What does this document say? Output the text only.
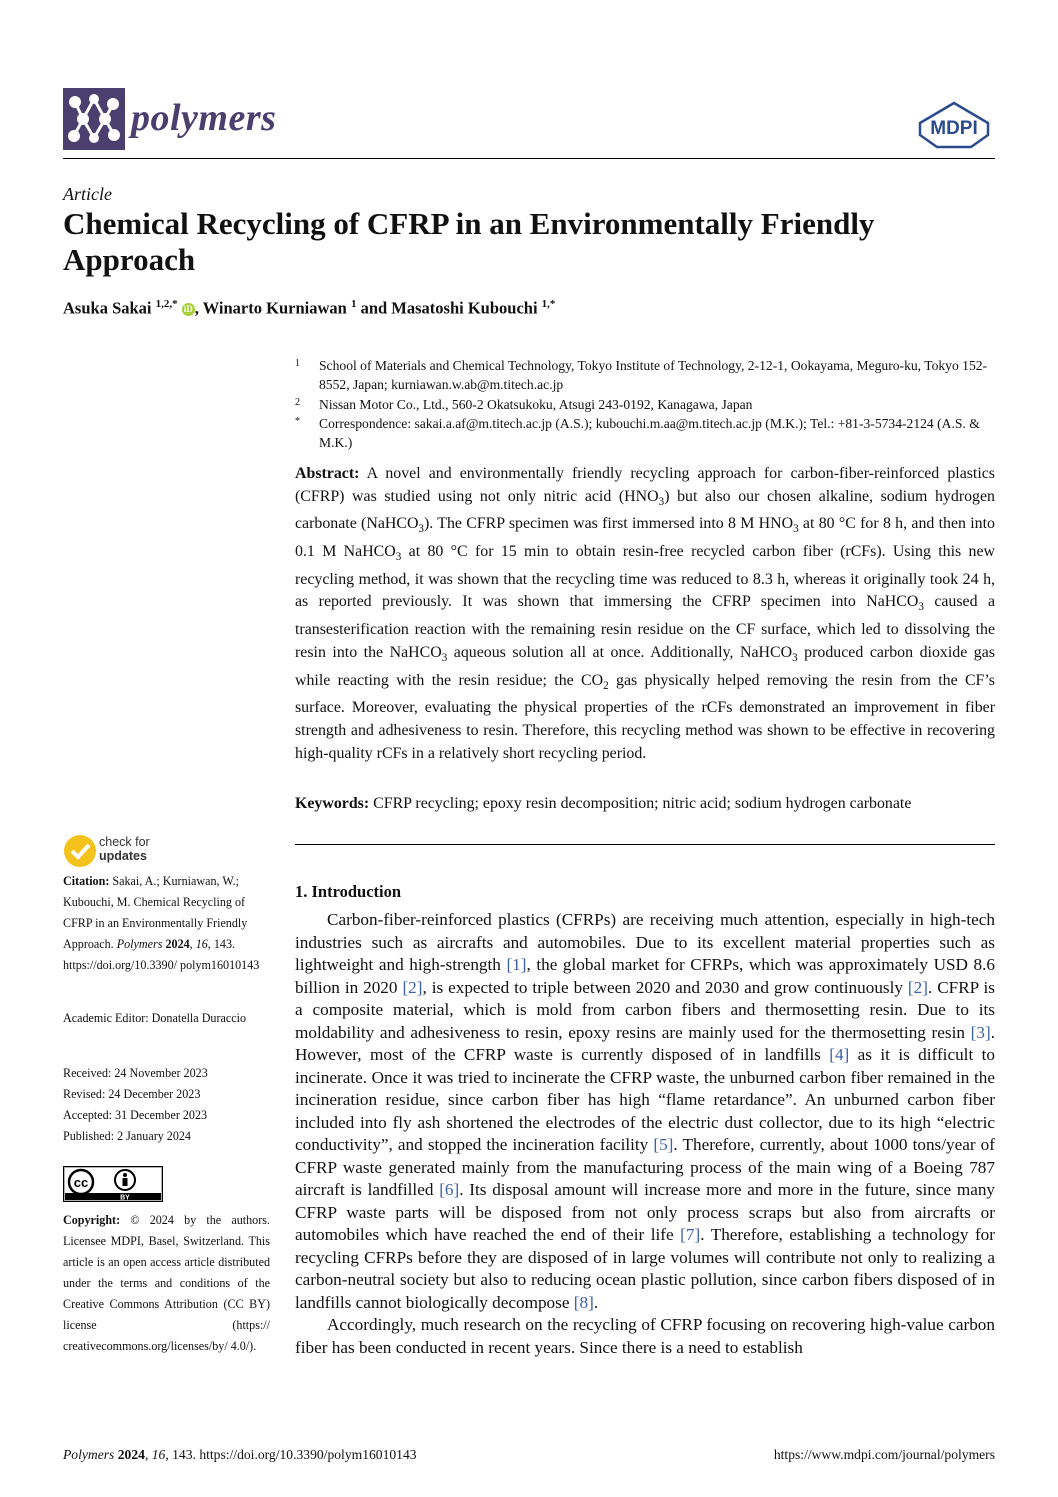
polymers	MDPI
Article
Chemical Recycling of CFRP in an Environmentally Friendly Approach
Asuka Sakai $^{1,2,*}$ iD , Winarto Kurniawan $^1$ and Masatoshi Kubouchi $^{1,*}$
1 School of Materials and Chemical Technology, Tokyo Institute of Technology, 2-12-1, Ookayama, Meguro-ku, Tokyo 152-8552, Japan; kurniawan.w.ab@m.titech.ac.jp
2 Nissan Motor Co., Ltd., 560-2 Okatsukoku, Atsugi 243-0192, Kanagawa, Japan
* Correspondence: sakai.a.af@m.titech.ac.jp (A.S.); kubouchi.m.aa@m.titech.ac.jp (M.K.); Tel.: +81-3-5734-2124 (A.S. & M.K.)
Abstract: A novel and environmentally friendly recycling approach for carbon-fiber-reinforced plastics (CFRP) was studied using not only nitric acid $(HNO_3)$ but also our chosen alkaline, sodium hydrogen carbonate (NaHCO$_3$). The CFRP specimen was first immersed into 8 M $HNO_3$ at 80 °C for 8 h, and then into 0.1 M NaHCO$_3$ at 80 °C for 15 min to obtain resin-free recycled carbon fiber (rCFs). Using this new recycling method, it was shown that the recycling time was reduced to 8.3 h, whereas it originally took 24 h, as reported previously. It was shown that immersing the CFRP specimen into NaHCO$_3$ caused a transesterification reaction with the remaining resin residue on the CF surface, which led to dissolving the resin into the NaHCO$_3$ aqueous solution all at once. Additionally, NaHCO$_3$ produced carbon dioxide gas while reacting with the resin residue; the $CO_2$ gas physically helped removing the resin from the CF’s surface. Moreover, evaluating the physical properties of the rCFs demonstrated an improvement in fiber strength and adhesiveness to resin. Therefore, this recycling method was shown to be effective in recovering high-quality rCFs in a relatively short recycling period.
Keywords: CFRP recycling; epoxy resin decomposition; nitric acid; sodium hydrogen carbonate
check for
updates

Citation: Sakai, A.; Kurniawan, W.; Kubouchi, M. Chemical Recycling of CFRP in an Environmentally Friendly Approach. Polymers 2024, 16, 143. https://doi.org/10.3390/ polym16010143

Academic Editor: Donatella Duraccio

Received: 24 November 2023

Revised: 24 December 2023

Accepted: 31 December 2023

Published: 2 January 2024

cc
BY

Copyright: © 2024 by the authors. Licensee MDPI, Basel, Switzerland. This article is an open access article distributed under the terms and conditions of the Creative Commons Attribution (CC BY) license (https:// creativecommons.org/licenses/by/ 4.0/).

1. Introduction

Carbon-fiber-reinforced plastics (CFRPs) are receiving much attention, especially in high-tech industries such as aircrafts and automobiles. Due to its excellent material properties such as lightweight and high-strength [1], the global market for CFRPs, which was approximately USD 8.6 billion in 2020 [2], is expected to triple between 2020 and 2030 and grow continuously [2]. CFRP is a composite material, which is mold from carbon fibers and thermosetting resin. Due to its moldability and adhesiveness to resin, epoxy resins are mainly used for the thermosetting resin [3]. However, most of the CFRP waste is currently disposed of in landfills [4] as it is difficult to incinerate. Once it was tried to incinerate the CFRP waste, the unburned carbon fiber remained in the incineration residue, since carbon fiber has high “flame retardance”. An unburned carbon fiber included into fly ash shortened the electrodes of the electric dust collector, due to its high “electric conductivity”, and stopped the incineration facility [5]. Therefore, currently, about 1000 tons/year of CFRP waste generated mainly from the manufacturing process of the main wing of a Boeing 787 aircraft is landfilled [6]. Its disposal amount will increase more and more in the future, since many CFRP waste parts will be disposed from not only process scraps but also from aircrafts or automobiles which have reached the end of their life [7]. Therefore, establishing a technology for recycling CFRPs before they are disposed of in large volumes will contribute not only to realizing a carbon-neutral society but also to reducing ocean plastic pollution, since carbon fibers disposed of in landfills cannot biologically decompose [8].

Accordingly, much research on the recycling of CFRP focusing on recovering high-value carbon fiber has been conducted in recent years. Since there is a need to establish

Polymers 2024, 16, 143. https://doi.org/10.3390/polym16010143	https://www.mdpi.com/journal/polymers
